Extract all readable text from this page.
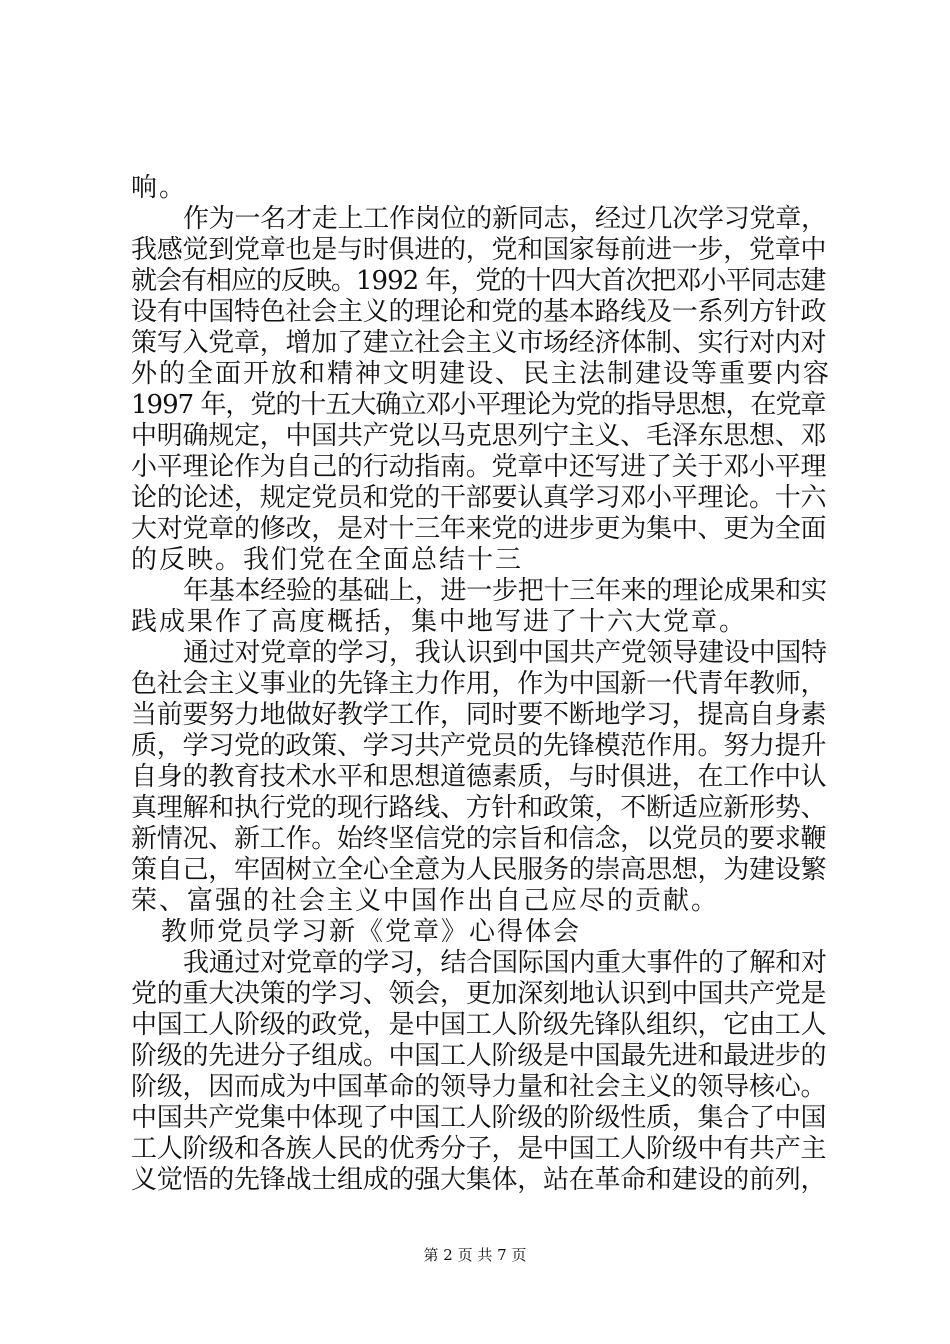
响。
作为一名才走上工作岗位的新同志，经过几次学习党章，
我感觉到党章也是与时俱进的，党和国家每前进一步，党章中
就会有相应的反映。1992 年，党的十四大首次把邓小平同志建
设有中国特色社会主义的理论和党的基本路线及一系列方针政
策写入党章，增加了建立社会主义市场经济体制、实行对内对
外的全面开放和精神文明建设、民主法制建设等重要内容
1997 年，党的十五大确立邓小平理论为党的指导思想，在党章
中明确规定，中国共产党以马克思列宁主义、毛泽东思想、邓
小平理论作为自己的行动指南。党章中还写进了关于邓小平理
论的论述，规定党员和党的干部要认真学习邓小平理论。十六
大对党章的修改，是对十三年来党的进步更为集中、更为全面
的反映。我们党在全面总结十三
年基本经验的基础上，进一步把十三年来的理论成果和实
践成果作了高度概括，集中地写进了十六大党章。
通过对党章的学习，我认识到中国共产党领导建设中国特
色社会主义事业的先锋主力作用，作为中国新一代青年教师，
当前要努力地做好教学工作，同时要不断地学习，提高自身素
质，学习党的政策、学习共产党员的先锋模范作用。努力提升
自身的教育技术水平和思想道德素质，与时俱进，在工作中认
真理解和执行党的现行路线、方针和政策，不断适应新形势、
新情况、新工作。始终坚信党的宗旨和信念，以党员的要求鞭
策自己，牢固树立全心全意为人民服务的崇高思想，为建设繁
荣、富强的社会主义中国作出自己应尽的贡献。
教师党员学习新《党章》心得体会
我通过对党章的学习，结合国际国内重大事件的了解和对
党的重大决策的学习、领会，更加深刻地认识到中国共产党是
中国工人阶级的政党，是中国工人阶级先锋队组织，它由工人
阶级的先进分子组成。中国工人阶级是中国最先进和最进步的
阶级，因而成为中国革命的领导力量和社会主义的领导核心。
中国共产党集中体现了中国工人阶级的阶级性质，集合了中国
工人阶级和各族人民的优秀分子，是中国工人阶级中有共产主
义觉悟的先锋战士组成的强大集体，站在革命和建设的前列，
第 2 页 共 7 页
